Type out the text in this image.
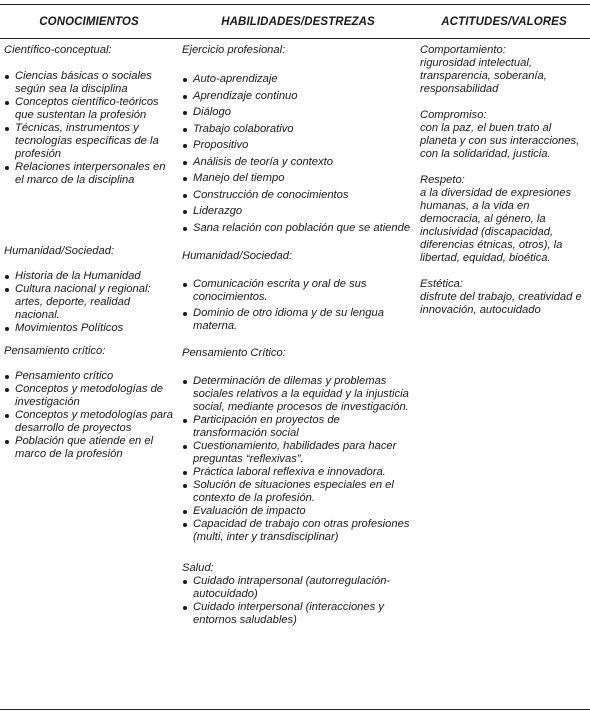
CONOCIMIENTOS	HABILIDADES/DESTREZAS	ACTITUDES/VALORES
Científico-conceptual:
Ciencias básicas o sociales según sea la disciplina
Conceptos científico-teóricos que sustentan la profesión
Técnicas, instrumentos y tecnologías específicas de la profesión
Relaciones interpersonales en el marco de la disciplina
Humanidad/Sociedad:
Historia de la Humanidad
Cultura nacional y regional: artes, deporte, realidad nacional.
Movimientos Políticos
Pensamiento crítico:
Pensamiento crítico
Conceptos y metodologías de investigación
Conceptos y metodologías para desarrollo de proyectos
Población que atiende en el marco de la profesión
Ejercicio profesional:
Auto-aprendizaje
Aprendizaje continuo
Diálogo
Trabajo colaborativo
Propositivo
Análisis de teoría y contexto
Manejo del tiempo
Construcción de conocimientos
Liderazgo
Sana relación con población que se atiende
Humanidad/Sociedad:
Comunicación escrita y oral de sus conocimientos.
Dominio de otro idioma y de su lengua materna.
Pensamiento Crítico:
Determinación de dilemas y problemas sociales relativos a la equidad y la injusticia social, mediante procesos de investigación.
Participación en proyectos de transformación social
Cuestionamiento, habilidades para hacer preguntas “reflexivas”.
Práctica laboral reflexiva e innovadora.
Solución de situaciones especiales en el contexto de la profesión.
Evaluación de impacto
Capacidad de trabajo con otras profesiones (multi, inter y transdisciplinar)
Salud:
Cuidado intrapersonal (autorregulación-autocuidado)
Cuidado interpersonal (interacciones y entornos saludables)

Comportamiento:
rigurosidad intelectual, transparencia, soberanía, responsabilidad

Compromiso:
con la paz, el buen trato al planeta y con sus interacciones, con la solidaridad, justicia.

Respeto:
a la diversidad de expresiones humanas, a la vida en democracia, al género, la inclusividad (discapacidad, diferencias étnicas, otros), la libertad, equidad, bioética.

Estética:
disfrute del trabajo, creatividad e innovación, autocuidado
